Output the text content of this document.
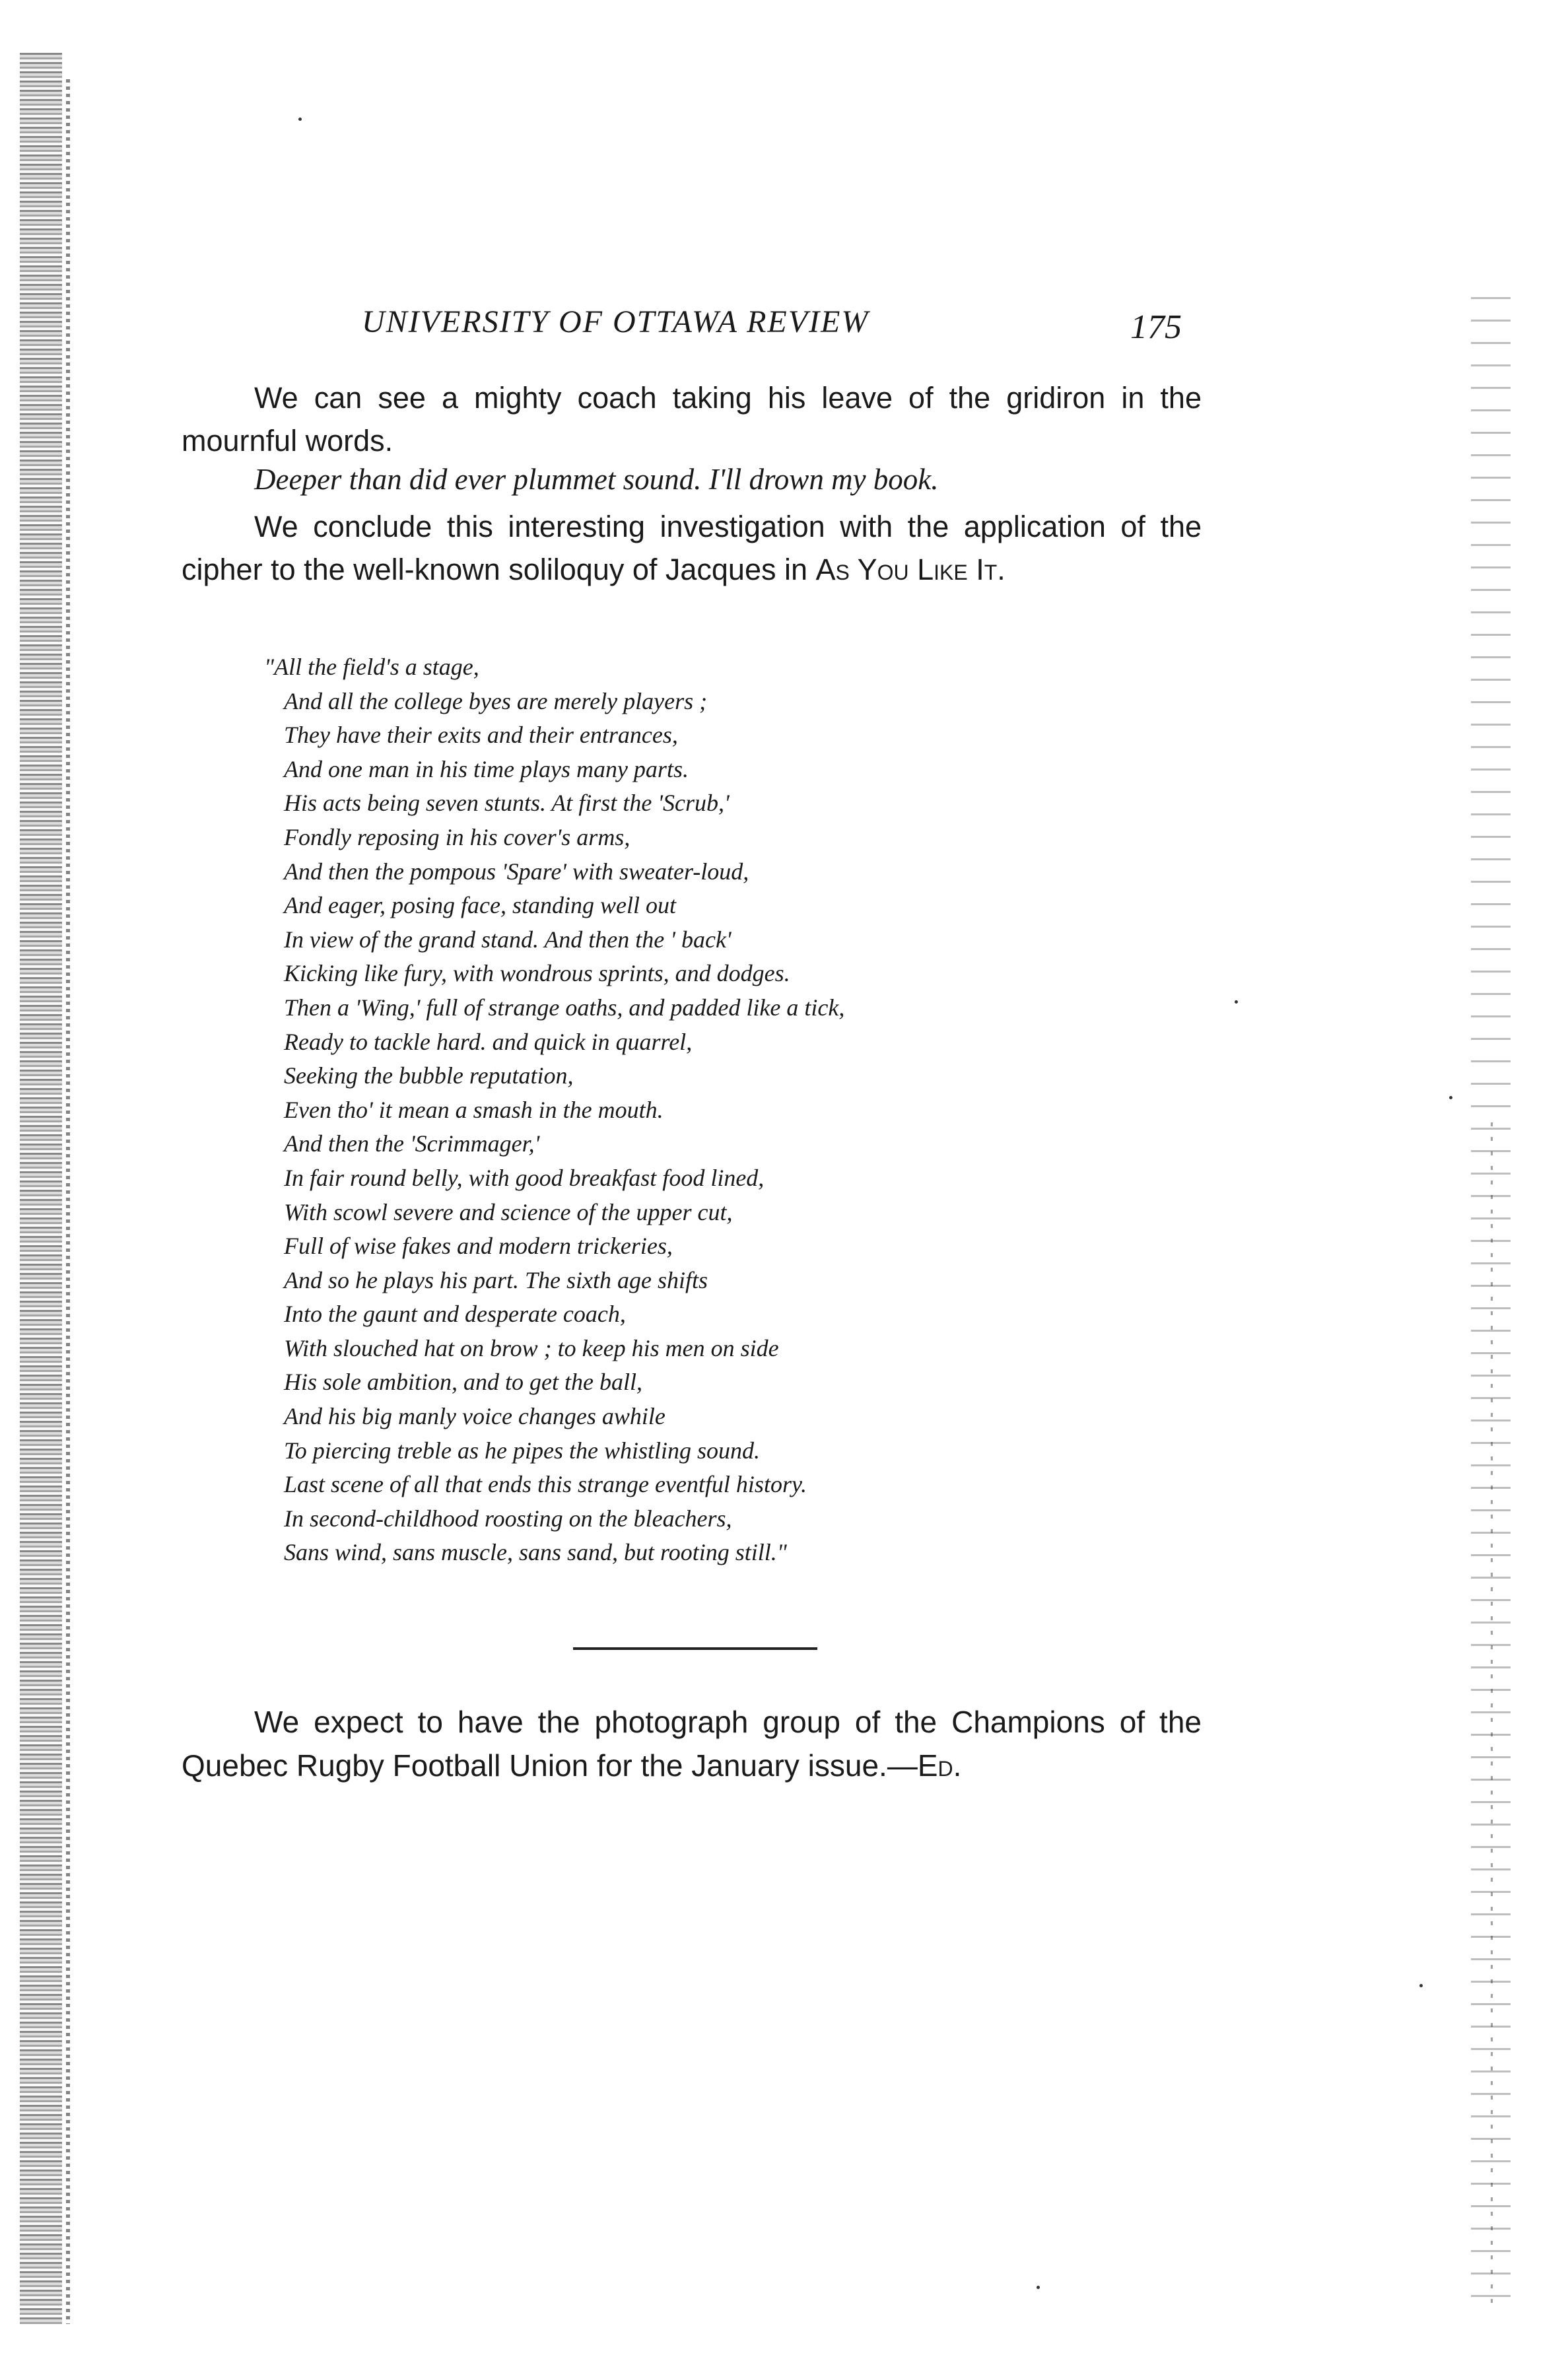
UNIVERSITY OF OTTAWA REVIEW	175

We can see a mighty coach taking his leave of the gridiron in the mournful words.

Deeper than did ever plummet sound. I'll drown my book.

We conclude this interesting investigation with the application of the cipher to the well-known soliloquy of Jacques in As You Like It.

"All the field's a stage,
And all the college byes are merely players ;
They have their exits and their entrances,
And one man in his time plays many parts.
His acts being seven stunts. At first the 'Scrub,'
Fondly reposing in his cover's arms,
And then the pompous 'Spare' with sweater-loud,
And eager, posing face, standing well out
In view of the grand stand. And then the ' back'
Kicking like fury, with wondrous sprints, and dodges.
Then a 'Wing,' full of strange oaths, and padded like a tick,
Ready to tackle hard. and quick in quarrel,
Seeking the bubble reputation,
Even tho' it mean a smash in the mouth.
And then the 'Scrimmager,'
In fair round belly, with good breakfast food lined,
With scowl severe and science of the upper cut,
Full of wise fakes and modern trickeries,
And so he plays his part. The sixth age shifts
Into the gaunt and desperate coach,
With slouched hat on brow ; to keep his men on side
His sole ambition, and to get the ball,
And his big manly voice changes awhile
To piercing treble as he pipes the whistling sound.
Last scene of all that ends this strange eventful history.
In second-childhood roosting on the bleachers,
Sans wind, sans muscle, sans sand, but rooting still."

We expect to have the photograph group of the Champions of the Quebec Rugby Football Union for the January issue.—Ed.
